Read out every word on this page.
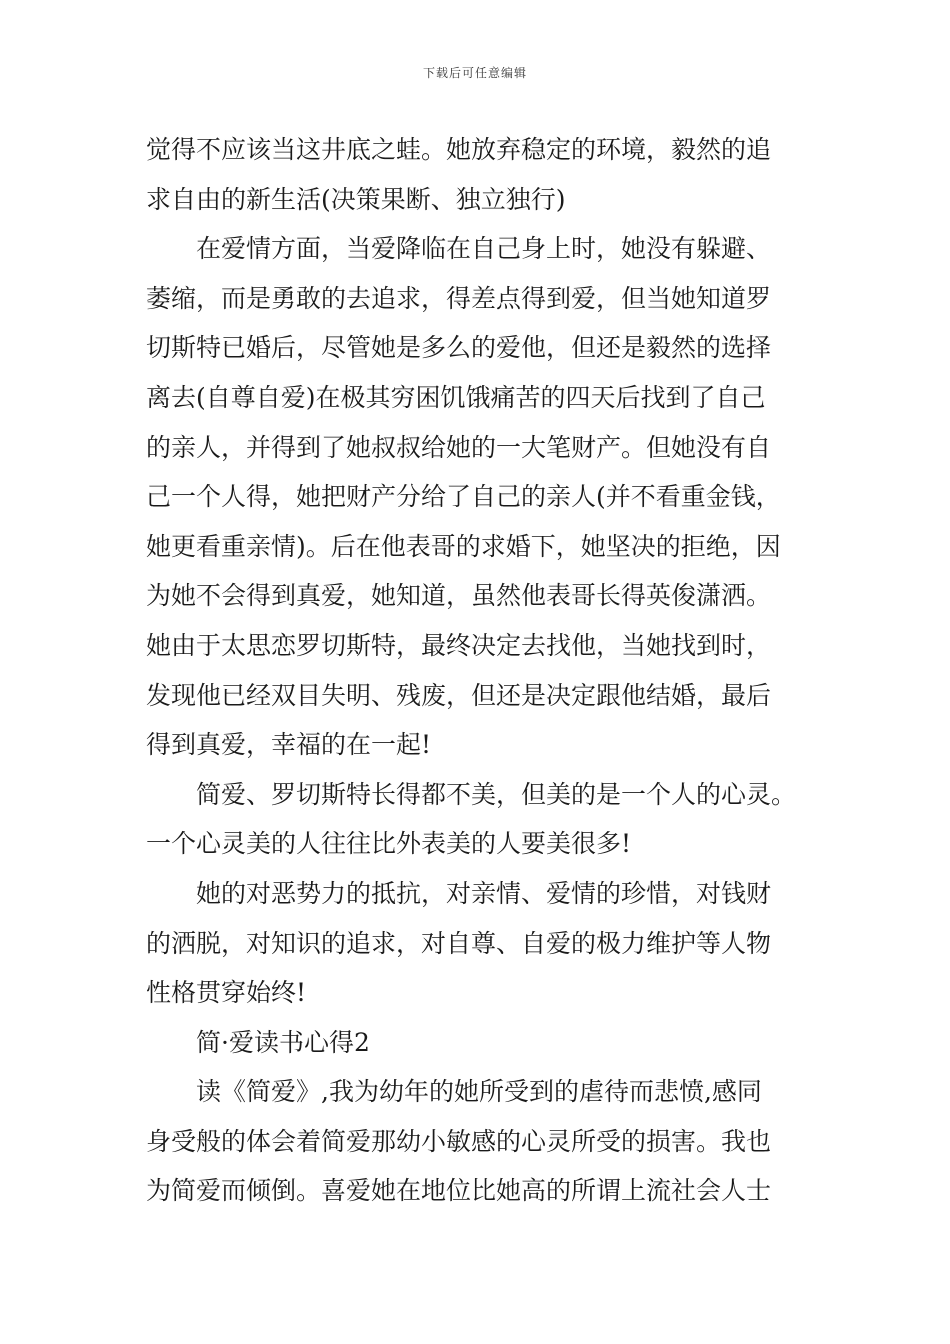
下载后可任意编辑
觉得不应该当这井底之蛙。她放弃稳定的环境，毅然的追
求自由的新生活(决策果断、独立独行)
在爱情方面，当爱降临在自己身上时，她没有躲避、
萎缩，而是勇敢的去追求，得差点得到爱，但当她知道罗
切斯特已婚后，尽管她是多么的爱他，但还是毅然的选择
离去(自尊自爱)在极其穷困饥饿痛苦的四天后找到了自己
的亲人，并得到了她叔叔给她的一大笔财产。但她没有自
己一个人得，她把财产分给了自己的亲人(并不看重金钱，
她更看重亲情)。后在他表哥的求婚下，她坚决的拒绝，因
为她不会得到真爱，她知道，虽然他表哥长得英俊潇洒。
她由于太思恋罗切斯特，最终决定去找他，当她找到时，
发现他已经双目失明、残废，但还是决定跟他结婚，最后
得到真爱，幸福的在一起!
简爱、罗切斯特长得都不美，但美的是一个人的心灵。
一个心灵美的人往往比外表美的人要美很多!
她的对恶势力的抵抗，对亲情、爱情的珍惜，对钱财
的洒脱，对知识的追求，对自尊、自爱的极力维护等人物
性格贯穿始终!
简·爱读书心得2
读《简爱》,我为幼年的她所受到的虐待而悲愤,感同
身受般的体会着简爱那幼小敏感的心灵所受的损害。我也
为简爱而倾倒。喜爱她在地位比她高的所谓上流社会人士
